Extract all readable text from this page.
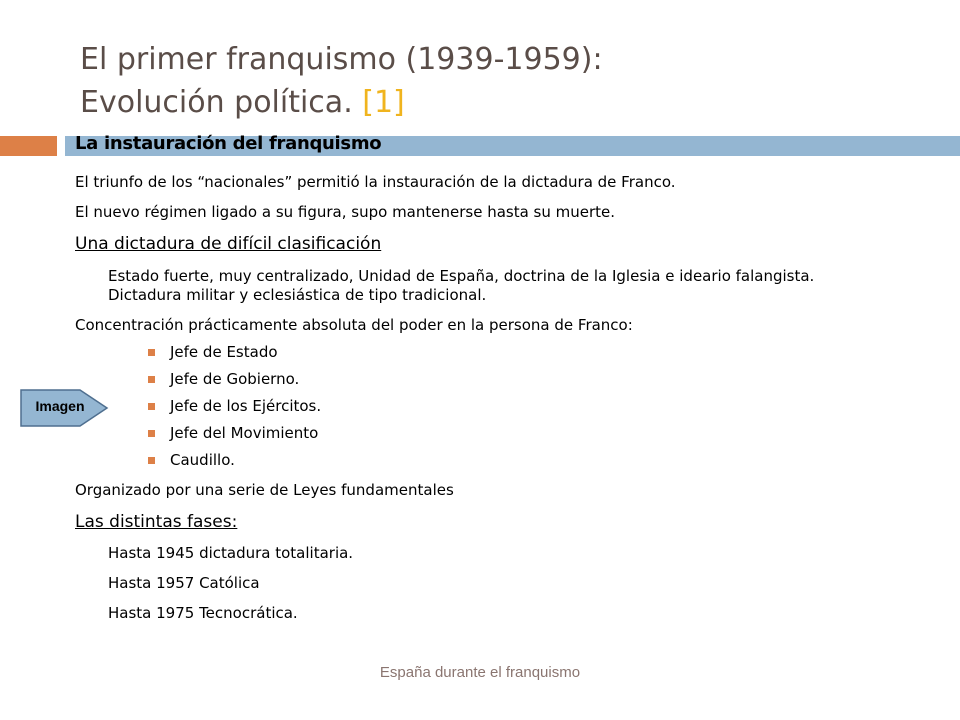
El primer franquismo (1939-1959):
Evolución política. [1]
La instauración del franquismo
El triunfo de los “nacionales” permitió la instauración de la dictadura de Franco.
El nuevo régimen ligado a su figura, supo mantenerse hasta su muerte.
Una dictadura de difícil clasificación
Estado fuerte, muy centralizado, Unidad de España, doctrina de la Iglesia e ideario falangista.
Dictadura militar y eclesiástica de tipo tradicional.
Concentración prácticamente absoluta del poder en la persona de Franco:
Jefe de Estado
Jefe de Gobierno.
Jefe de los Ejércitos.
Jefe del Movimiento
Caudillo.
Organizado por una serie de Leyes fundamentales
Las distintas fases:
Hasta 1945 dictadura totalitaria.
Hasta 1957 Católica
Hasta 1975 Tecnocrática.
Imagen
España durante el franquismo
